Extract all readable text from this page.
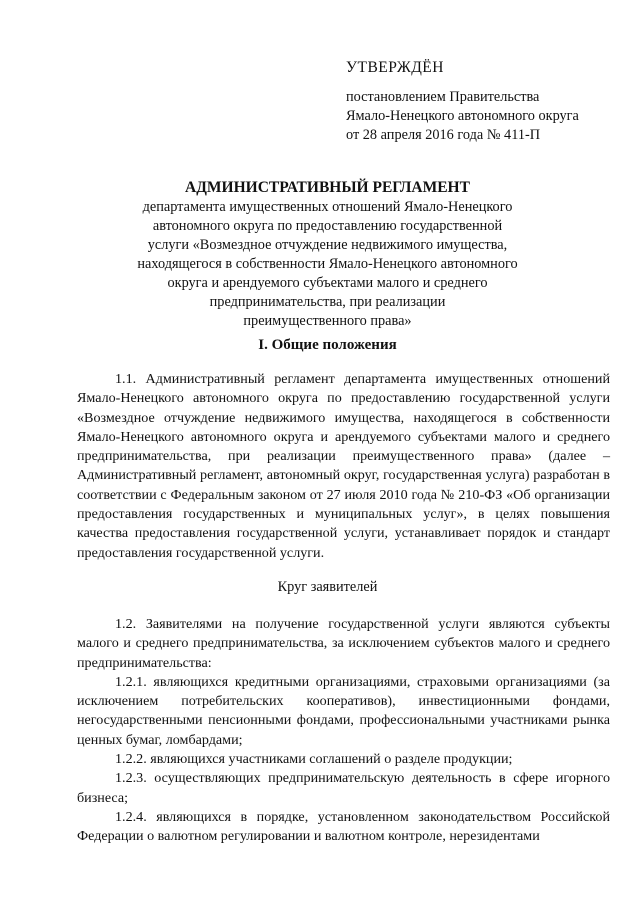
УТВЕРЖДЁН
постановлением Правительства
Ямало-Ненецкого автономного округа
от 28 апреля 2016 года № 411-П
АДМИНИСТРАТИВНЫЙ РЕГЛАМЕНТ
департамента имущественных отношений Ямало-Ненецкого
автономного округа по предоставлению государственной
услуги «Возмездное отчуждение недвижимого имущества,
находящегося в собственности Ямало-Ненецкого автономного
округа и арендуемого субъектами малого и среднего
предпринимательства, при реализации
преимущественного права»
I. Общие положения

1.1. Административный регламент департамента имущественных отношений Ямало-Ненецкого автономного округа по предоставлению государственной услуги «Возмездное отчуждение недвижимого имущества, находящегося в собственности Ямало-Ненецкого автономного округа и арендуемого субъектами малого и среднего предпринимательства, при реализации преимущественного права» (далее – Административный регламент, автономный округ, государственная услуга) разработан в соответствии с Федеральным законом от 27 июля 2010 года № 210-ФЗ «Об организации предоставления государственных и муниципальных услуг», в целях повышения качества предоставления государственной услуги, устанавливает порядок и стандарт предоставления государственной услуги.

Круг заявителей

1.2. Заявителями на получение государственной услуги являются субъекты малого и среднего предпринимательства, за исключением субъектов малого и среднего предпринимательства:

1.2.1. являющихся кредитными организациями, страховыми организациями (за исключением потребительских кооперативов), инвестиционными фондами, негосударственными пенсионными фондами, профессиональными участниками рынка ценных бумаг, ломбардами;

1.2.2. являющихся участниками соглашений о разделе продукции;

1.2.3. осуществляющих предпринимательскую деятельность в сфере игорного бизнеса;

1.2.4. являющихся в порядке, установленном законодательством Российской Федерации о валютном регулировании и валютном контроле, нерезидентами
